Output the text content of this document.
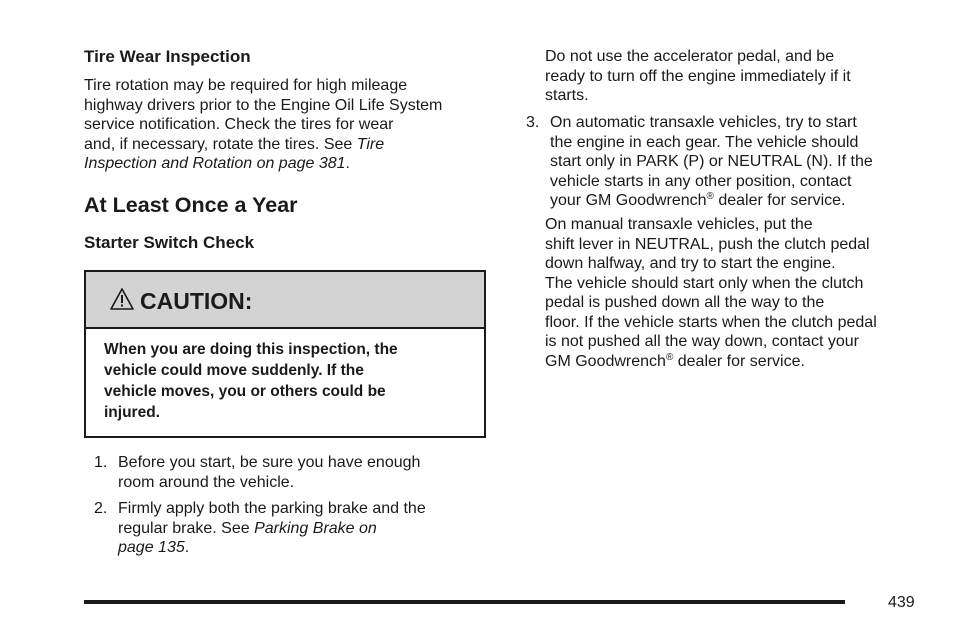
Tire Wear Inspection
Tire rotation may be required for high mileage
highway drivers prior to the Engine Oil Life System
service notification. Check the tires for wear
and, if necessary, rotate the tires. See Tire
Inspection and Rotation on page 381.
At Least Once a Year
Starter Switch Check
CAUTION:
When you are doing this inspection, the
vehicle could move suddenly. If the
vehicle moves, you or others could be
injured.
1. Before you start, be sure you have enough
room around the vehicle.
2. Firmly apply both the parking brake and the
regular brake. See Parking Brake on
page 135.
Do not use the accelerator pedal, and be
ready to turn off the engine immediately if it
starts.
3. On automatic transaxle vehicles, try to start
the engine in each gear. The vehicle should
start only in PARK (P) or NEUTRAL (N). If the
vehicle starts in any other position, contact
your GM Goodwrench® dealer for service.
On manual transaxle vehicles, put the
shift lever in NEUTRAL, push the clutch pedal
down halfway, and try to start the engine.
The vehicle should start only when the clutch
pedal is pushed down all the way to the
floor. If the vehicle starts when the clutch pedal
is not pushed all the way down, contact your
GM Goodwrench® dealer for service.
439
